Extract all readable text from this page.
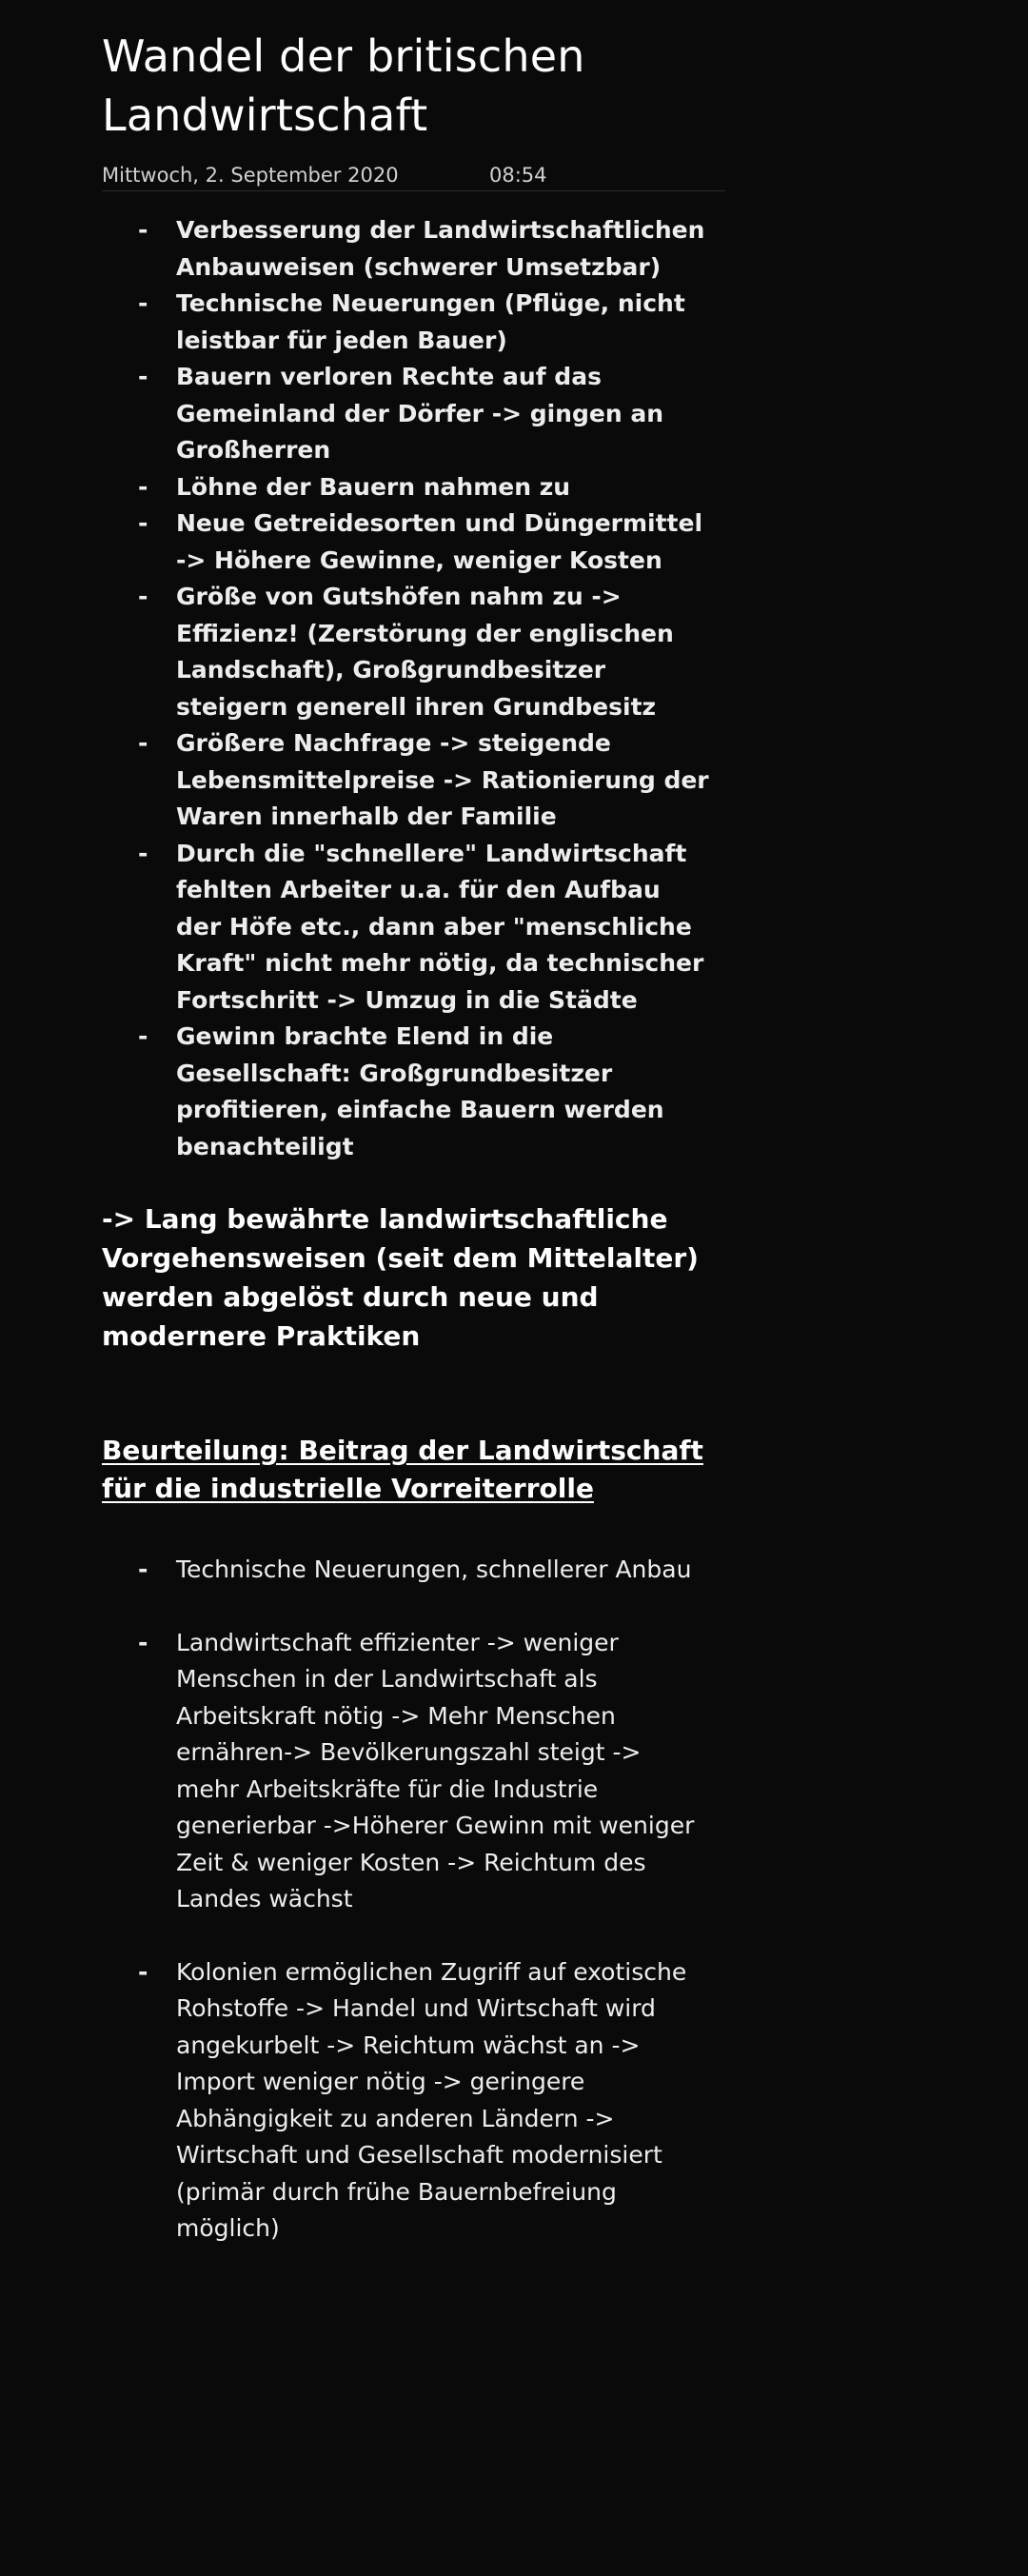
Wandel der britischen Landwirtschaft
Mittwoch, 2. September 2020	08:54
- Verbesserung der Landwirtschaftlichen Anbauweisen (schwerer Umsetzbar)
- Technische Neuerungen (Pflüge, nicht leistbar für jeden Bauer)
- Bauern verloren Rechte auf das Gemeinland der Dörfer -> gingen an Großherren
- Löhne der Bauern nahmen zu
- Neue Getreidesorten und Düngermittel -> Höhere Gewinne, weniger Kosten
- Größe von Gutshöfen nahm zu -> Effizienz! (Zerstörung der englischen Landschaft), Großgrundbesitzer steigern generell ihren Grundbesitz
- Größere Nachfrage -> steigende Lebensmittelpreise -> Rationierung der Waren innerhalb der Familie
- Durch die "schnellere" Landwirtschaft fehlten Arbeiter u.a. für den Aufbau der Höfe etc., dann aber "menschliche Kraft" nicht mehr nötig, da technischer Fortschritt -> Umzug in die Städte
- Gewinn brachte Elend in die Gesellschaft: Großgrundbesitzer profitieren, einfache Bauern werden benachteiligt

-> Lang bewährte landwirtschaftliche Vorgehensweisen (seit dem Mittelalter) werden abgelöst durch neue und modernere Praktiken

Beurteilung: Beitrag der Landwirtschaft für die industrielle Vorreiterrolle
- Technische Neuerungen, schnellerer Anbau
- Landwirtschaft effizienter -> weniger Menschen in der Landwirtschaft als Arbeitskraft nötig -> Mehr Menschen ernähren-> Bevölkerungszahl steigt -> mehr Arbeitskräfte für die Industrie generierbar ->Höherer Gewinn mit weniger Zeit & weniger Kosten -> Reichtum des Landes wächst
- Kolonien ermöglichen Zugriff auf exotische Rohstoffe -> Handel und Wirtschaft wird angekurbelt -> Reichtum wächst an -> Import weniger nötig -> geringere Abhängigkeit zu anderen Ländern -> Wirtschaft und Gesellschaft modernisiert (primär durch frühe Bauernbefreiung möglich)
